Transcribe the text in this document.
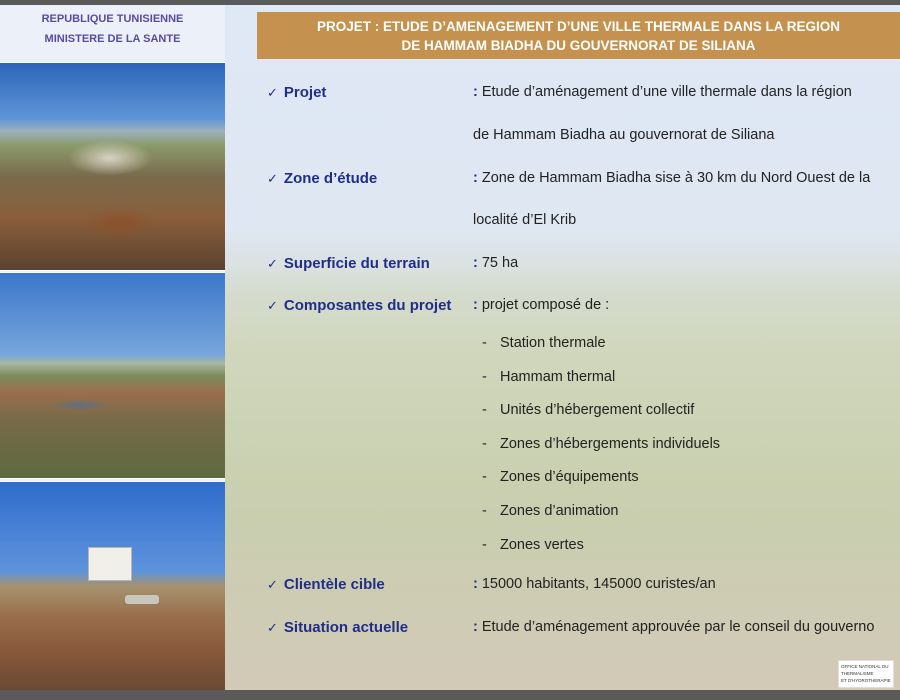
REPUBLIQUE TUNISIENNE
MINISTERE DE LA SANTE
PROJET : ETUDE D’AMENAGEMENT D’UNE VILLE THERMALE DANS LA REGION
DE HAMMAM BIADHA DU GOUVERNORAT DE SILIANA
✓ Projet	: Etude d’aménagement d’une ville thermale dans la région
de Hammam Biadha au gouvernorat de Siliana
✓ Zone d’étude	: Zone de Hammam Biadha sise à 30 km du Nord Ouest de la
localité d’El Krib
✓ Superficie du terrain	: 75 ha
✓ Composantes du projet : projet composé de :
- Station thermale
- Hammam thermal
- Unités d’hébergement collectif
- Zones d’hébergements individuels
- Zones d’équipements
- Zones d’animation
- Zones vertes
✓ Clientèle cible	: 15000 habitants, 145000 curistes/an
✓ Situation actuelle	: Etude d’aménagement approuvée par le conseil du gouverno
OFFICE NATIONAL DU THERMALISME
ET D'HYDROTHERAPIE
